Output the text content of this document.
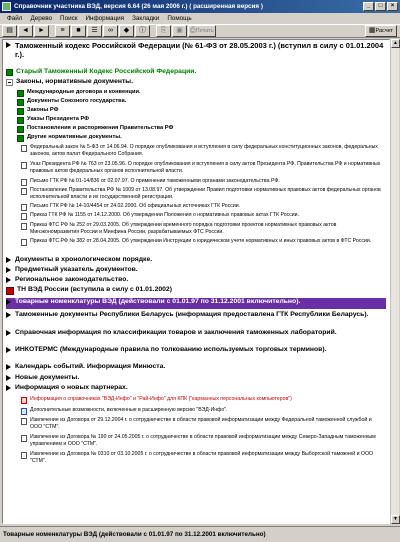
Справочник участника ВЭД, версия 6.64 (26 мая 2006 г.) ( расширенная версия )	_	□	×
Файл	Дерево	Поиск	Информация	Закладки	Помощь
▤ ◄ ► ≡ ■ ☰ ∞ ◆ ⓘ ⎘ ▣ ⎙ Печать	▦ Расчет
Таможенный кодекс Российской Федерации (№ 61-ФЗ от 28.05.2003 г.) (вступил в силу с 01.01.2004 г.).
Старый Таможенный Кодекс Российской Федерации.
Законы, нормативные документы.
Международные договора и конвенции.
Документы Союзного государства.
Законы РФ
Указы Президента РФ
Постановления и распоряжения Правительства РФ
Другие нормативные документы.
Федеральный закон № 5-ФЗ от 14.06.94. О порядке опубликования и вступления в силу федеральных конституционных законов, федеральных законов, актов палат Федерального Собрания.
Указ Президента РФ № 763 от 23.05.96. О порядке опубликования и вступления в силу актов Президента РФ, Правительства РФ и нормативных правовых актов федеральных органов исполнительной власти.
Письмо ГТК РФ № 01-14/836 от 02.07.97. О применении таможенными органами законодательства РФ.
Постановление Правительства РФ № 1009 от 13.08.97. Об утверждении Правил подготовки нормативных правовых актов федеральных органов исполнительной власти и их государственной регистрации.
Письмо ГТК РФ № 14-10/4454 от 24.02.2000. Об официальных источниках ГТК России.
Приказ ГТК РФ № 1155 от 14.12.2000. Об утверждении Положения о нормативных правовых актах ГТК России.
Приказ ФТС РФ № 252 от 29.03.2005. Об утверждении временного порядка подготовки проектов нормативных правовых актов Минэкономразвития России и Минфина России, разрабатываемых ФТС России.
Приказ ФТС РФ № 382 от 28.04.2005. Об утверждении Инструкции о юридическом учете нормативных и иных правовых актов в ФТС России.
Документы в хронологическом порядке.
Предметный указатель документов.
Региональное законодательство.
ТН ВЭД России (вступила в силу с 01.01.2002)
Товарные номенклатуры ВЭД (действовали с 01.01.97 по 31.12.2001 включительно).
Таможенные документы Республики Беларусь (информация предоставлена ГТК Республики Беларусь).
Справочная информация по классификации товаров и заключения таможенных лабораторий.
ИНКОТЕРМС (Международные правила по толкованию используемых торговых терминов).
Календарь событий. Информация Минюста.
Новые документы.
Информация о новых партнерах.
Информация о справочниках "ВЭД-Инфо" и "Рай-Инфо" для КПК ("карманных персональных компьютеров")
Дополнительные возможности, включенные в расширенную версию "ВЭД-Инфо".
Извлечение из Договора от 29.12.2004 г. о сотрудничестве в области правовой информатизации между Федеральной таможенной службой и ООО "СТМ".
Извлечение из Договора № 190 от 24.05.2005 г. о сотрудничестве в области правовой информатизации между Северо-Западным таможенным управлением и ООО "СТМ".
Извлечение из Договора № 0310 от 03.10.2005 г. о сотрудничестве в области правовой информатизации между Выборгской таможней и ООО "СТМ".
▲
▼
Товарные номенклатуры ВЭД (действовали с 01.01.97 по 31.12.2001 включительно)
